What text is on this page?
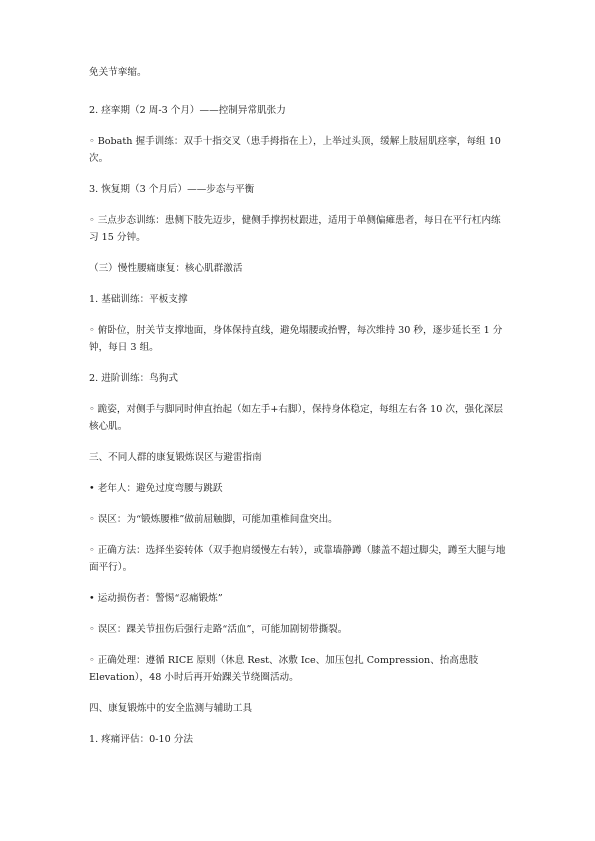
免关节挛缩。
2. 痉挛期（2 周-3 个月）——控制异常肌张力
◦ Bobath 握手训练：双手十指交叉（患手拇指在上），上举过头顶，缓解上肢屈肌痉挛，每组 10 次。
3. 恢复期（3 个月后）——步态与平衡
◦ 三点步态训练：患侧下肢先迈步，健侧手撑拐杖跟进，适用于单侧偏瘫患者，每日在平行杠内练习 15 分钟。
（三）慢性腰痛康复：核心肌群激活
1. 基础训练：平板支撑
◦ 俯卧位，肘关节支撑地面，身体保持直线，避免塌腰或抬臀，每次维持 30 秒，逐步延长至 1 分钟，每日 3 组。
2. 进阶训练：鸟狗式
◦ 跪姿，对侧手与脚同时伸直抬起（如左手+右脚），保持身体稳定，每组左右各 10 次，强化深层核心肌。
三、不同人群的康复锻炼误区与避雷指南
• 老年人：避免过度弯腰与跳跃
◦ 误区：为“锻炼腰椎”做前屈触脚，可能加重椎间盘突出。
◦ 正确方法：选择坐姿转体（双手抱肩缓慢左右转），或靠墙静蹲（膝盖不超过脚尖，蹲至大腿与地面平行）。
• 运动损伤者：警惕“忍痛锻炼”
◦ 误区：踝关节扭伤后强行走路“活血”，可能加剧韧带撕裂。
◦ 正确处理：遵循 RICE 原则（休息 Rest、冰敷 Ice、加压包扎 Compression、抬高患肢 Elevation），48 小时后再开始踝关节绕圈活动。
四、康复锻炼中的安全监测与辅助工具
1. 疼痛评估：0-10 分法
